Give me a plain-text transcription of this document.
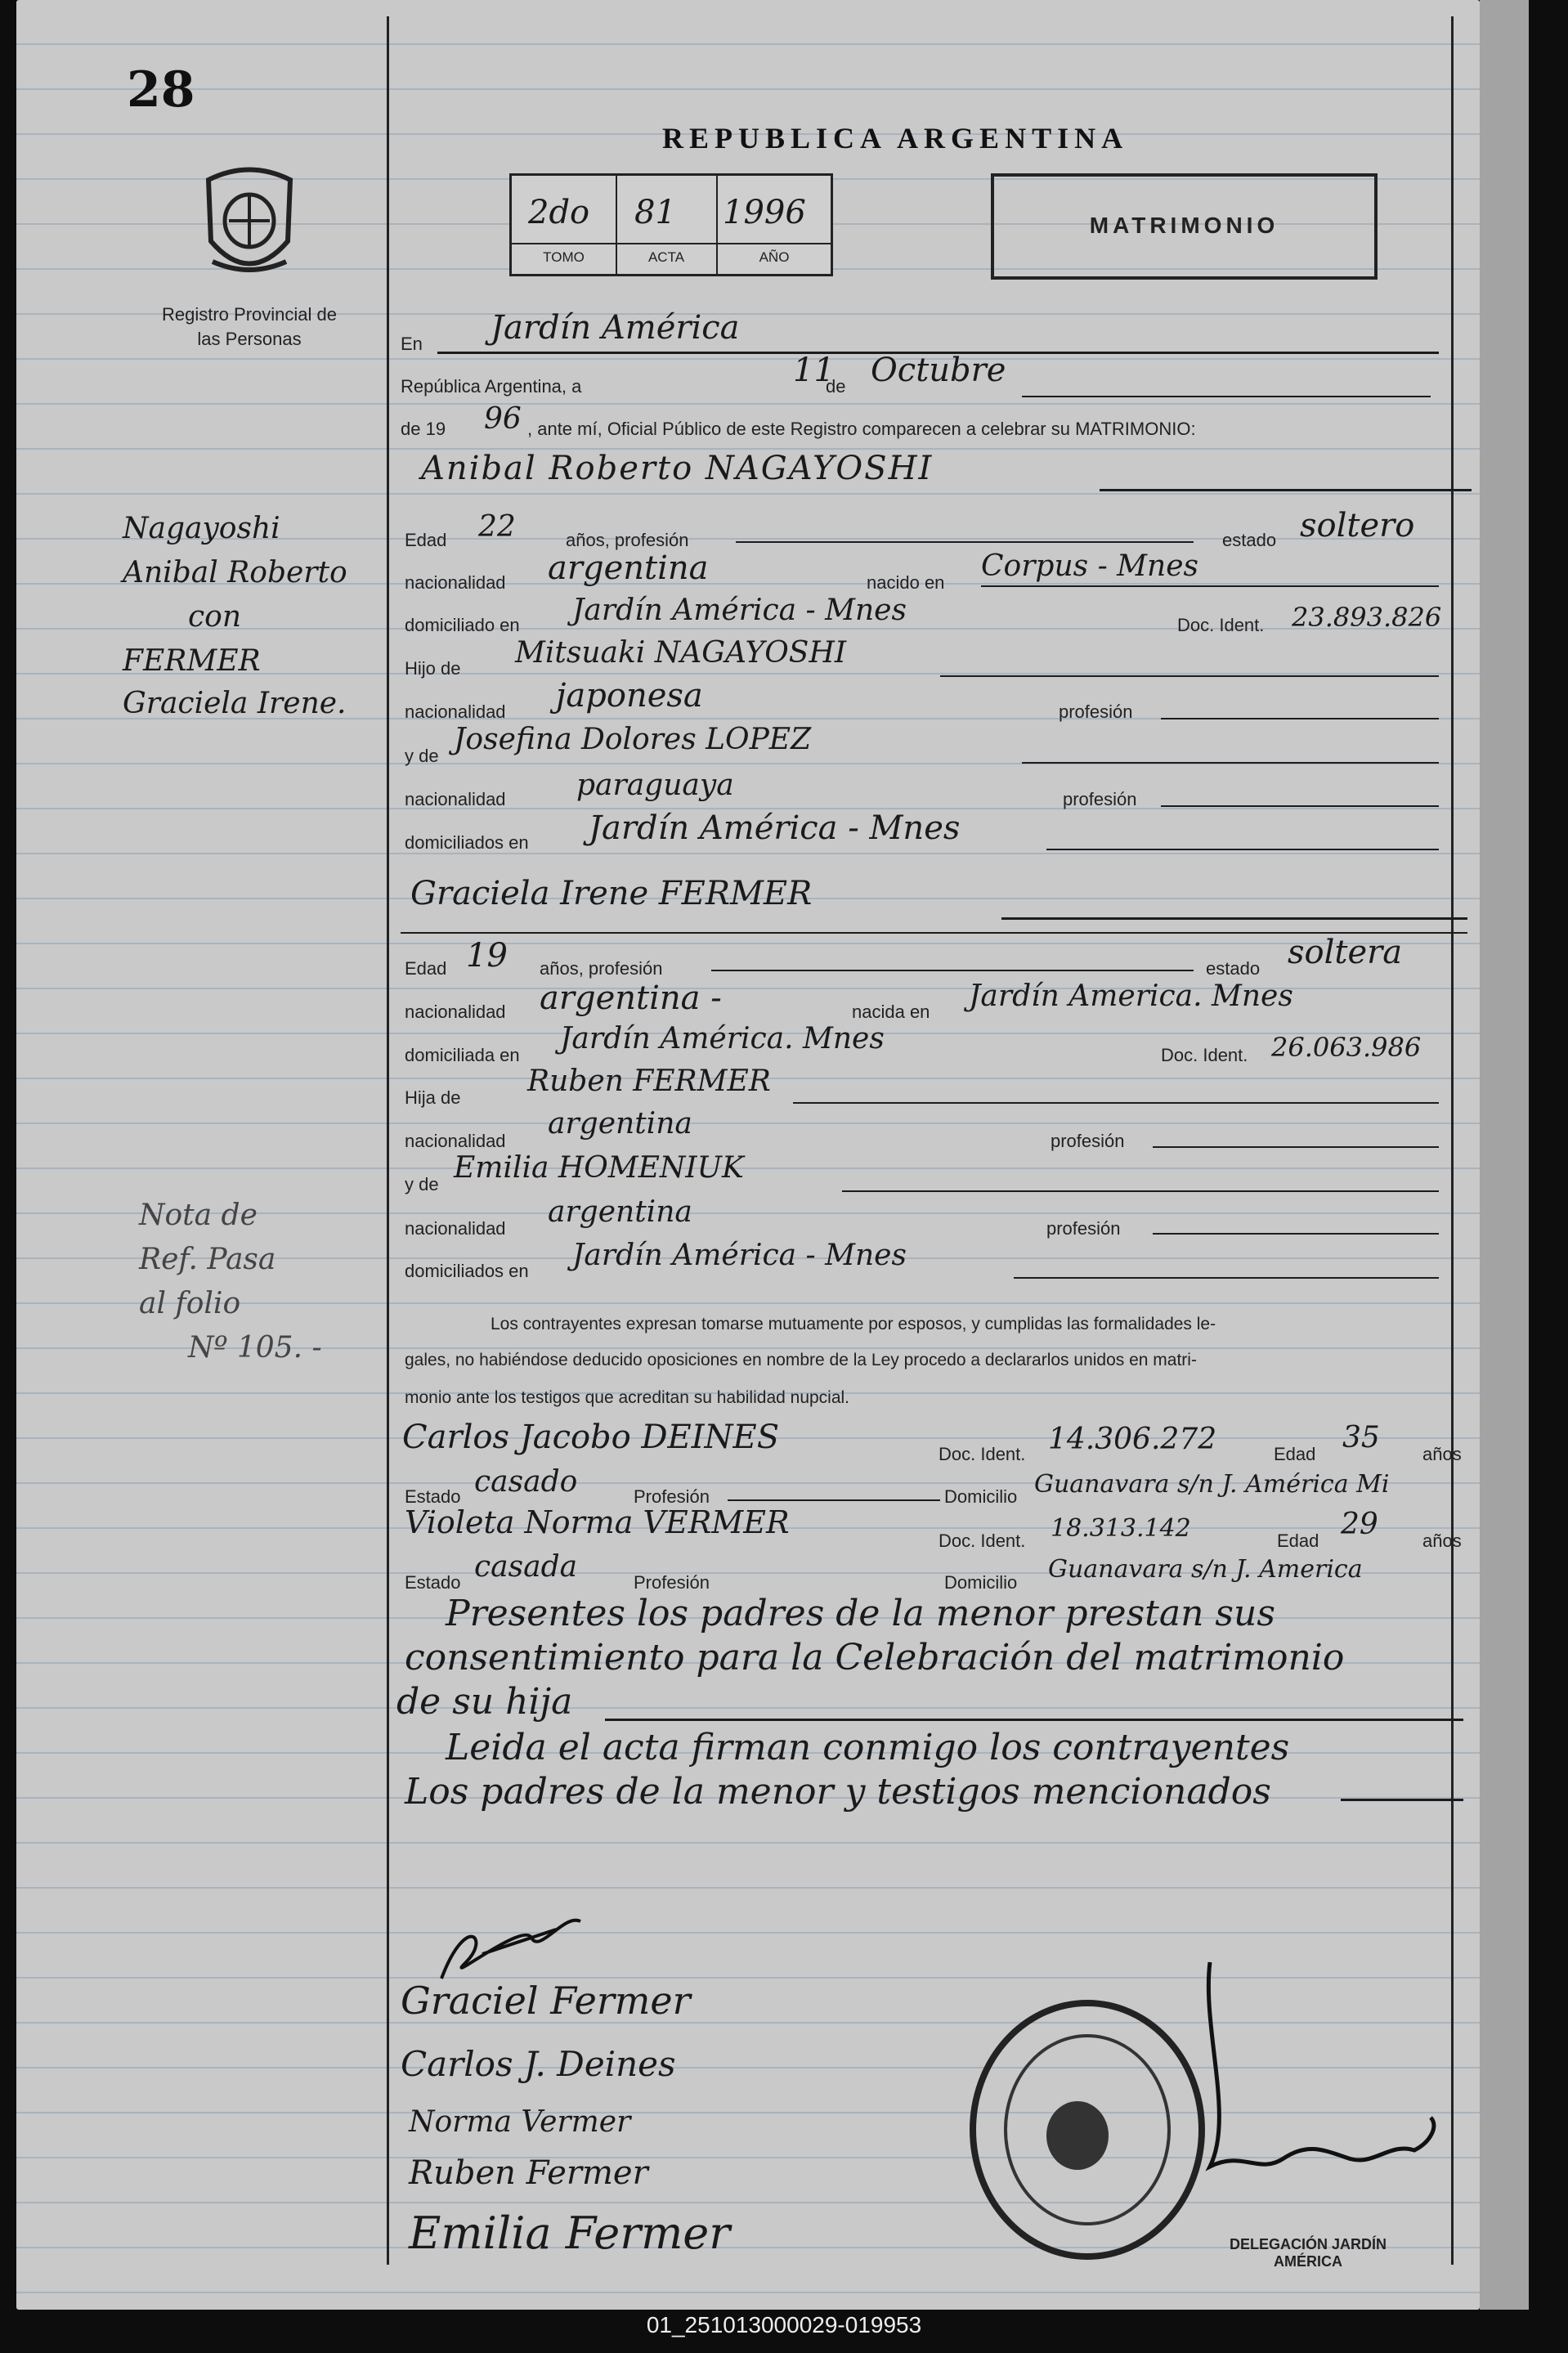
28
Registro Provincial de las Personas
REPUBLICA ARGENTINA
2do 81 1996
TOMO	ACTA	AÑO
MATRIMONIO
Nagayoshi
Anibal Roberto
con
FERMER
Graciela Irene.
Nota de
Ref. Pasa
al folio
Nº 105. -
En Jardín América
República Argentina, a	11
de Octubre
de 19 96 , ante mí, Oficial Público de este Registro comparecen a celebrar su MATRIMONIO:
Anibal Roberto NAGAYOSHI
Edad 22	años, profesión	estado soltero
nacionalidad argentina	nacido en Corpus - Mnes
domiciliado en Jardín América - Mnes	Doc. Ident. 23.893.826
Hijo de Mitsuaki NAGAYOSHI
nacionalidad japonesa	profesión
y de Josefina Dolores LOPEZ
nacionalidad paraguaya	profesión
domiciliados en Jardín América - Mnes
Graciela Irene FERMER
Edad 19 años, profesión	estado soltera
nacionalidad argentina -	nacida en Jardín America. Mnes
domiciliada en Jardín América. Mnes	Doc. Ident. 26.063.986
Hija de Ruben FERMER
nacionalidad
argentina
profesión
y de Emilia HOMENIUK
nacionalidad argentina	profesión
domiciliados en Jardín América - Mnes
Los contrayentes expresan tomarse mutuamente por esposos, y cumplidas las formalidades le-
gales, no habiéndose deducido oposiciones en nombre de la Ley procedo a declararlos unidos en matri-
monio ante los testigos que acreditan su habilidad nupcial.
Carlos Jacobo DEINES	Doc. Ident. 14.306.272	Edad 35 años
Estado casado	Profesión	Domicilio Guanavara s/n J. América Mi
Violeta Norma VERMER
Doc. Ident. 18.313.142	Edad 29 años
Estado casada	Profesión	Domicilio Guanavara s/n J. America
Presentes los padres de la menor prestan sus
consentimiento para la Celebración del matrimonio
de su hija
Leida el acta firman conmigo los contrayentes
Los padres de la menor y testigos mencionados
Graciel Fermer
Carlos J. Deines
Norma Vermer
Ruben Fermer
Emilia Fermer	DELEGACIÓN JARDÍN AMÉRICA
01_251013000029-019953
